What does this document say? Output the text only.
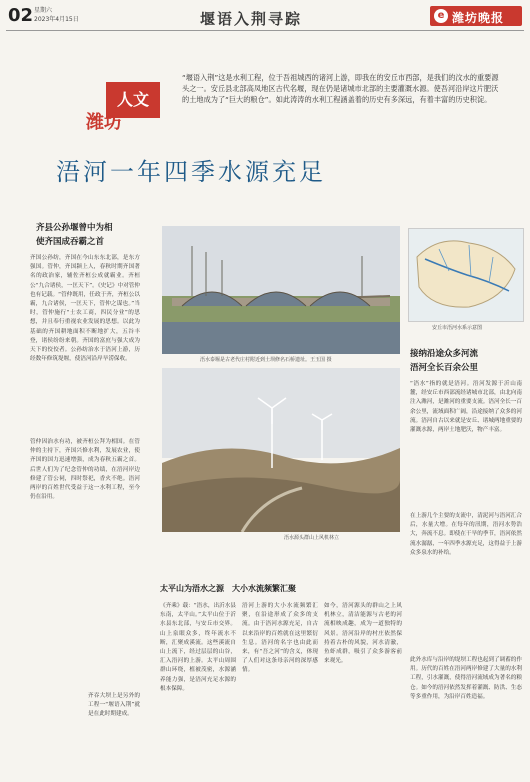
02 星期六
2023年4月15日	堰语入荆寻踪	e 潍坊晚报
人文
潍坊
“堰语入荆”这是水利工程，位于吾祖城西的诸河上游，即我在的安丘市西部，是我们的汶水的重要源头之一。安丘县北部高凤地区古代名堰，现在仍是诸城市北部的主要灌溉水源。使吾河沿岸这片肥沃的土地成为了“巨大的粮仓”。如此涛涛的水利工程涵盖着的历史有多深远，有着丰富的历史积淀。
浯河一年四季水源充足
齐县公孙堰曾中为相
使齐国成吞霸之首
齐国公孙纺，齐国在今山东东北部，是东方强国。管仲，齐国颍上人，春秋时期齐国著名的政治家，辅佐齐桓公成就霸业。齐桓公“九合诸侯，一匡天下”。《史记》中对管仲也有记载。“管仲既用，任政于齐，齐桓公以霸，九合诸侯，一匡天下，管仲之谋也。”当时，管仲施行“士农工商，四民分业”的思想，并且奉行重视农业发展的思想。以此为基础的齐国耕地面积不断地扩大，五谷丰登，诸侯纷纷来朝。齐国的富庶与强大成为天下的佼佼者。公孙纺治水于浯河上游，历经数年修筑堤堰，使浯河沿岸旱涝保收。
管仲因治水有功，被齐桓公拜为相国。在管仲的主持下，齐国兴修水利，发展农业，使齐国的国力迅速增强，成为春秋五霸之首。后世人们为了纪念管仲的功绩，在浯河岸边修建了管公祠，四时祭祀，香火不绝。浯河两岸的百姓世代受益于这一水利工程，至今仍在沿用。
齐吞大坝上是另外的工程一“堰语入荆”就是在此时期建成。
浯水泰堰是古老代庄村附近到土坝修名石桥遗址。王玉国 摄
浯水源头群山上风机林立
安丘市浯河水系示意图
接纳沿途众多河流
浯河全长百余公里
“浯水”指的就是浯河。浯河发源于沂山南麓，经安丘市西部流经诸城市北部，由北向南注入潍河，是潍河的重要支流。浯河全长一百余公里，流域面积广阔，沿途接纳了众多的河流。浯河自古以来就是安丘、诸城两地重要的灌溉水源，两岸土地肥沃，物产丰富。
在上游几个主要的支流中，清泥河与浯河汇合后，水量大增。在每年的汛期，浯河水势浩大，奔流不息。即使在干旱的季节，浯河依然流水潺潺，一年四季水源充足，这得益于上游众多泉水的补给。
此外水库与沿岸的堤坝工程也起到了调蓄的作用。历代的百姓在浯河两岸修建了大量的水利工程，引水灌溉，使得浯河流域成为著名的粮仓。如今的浯河依然发挥着灌溉、防洪、生态等多重作用，为沿岸百姓造福。
太平山为浯水之源　大小水流频繁汇聚
《齐乘》载：“浯水，出沂水县东南，太平山。”太平山位于沂水县东北部，与安丘市交界。山上泉眼众多，终年流水不断，汇聚成溪流。这些溪流自山上流下，经过层层的山谷，汇入浯河的上游。太平山周围群山环绕，植被茂密，水源涵养能力强，是浯河充足水源的根本保障。
浯河上游的大小水流频繁汇聚，在沿途形成了众多的支流。由于浯河水源充足，自古以来沿岸的百姓就在这里繁衍生息。浯河的名字也由此而来，有“吾之河”的含义，体现了人们对这条母亲河的深厚感情。
如今，浯河源头的群山之上风机林立，清洁能源与古老的河流相映成趣，成为一道独特的风景。浯河沿岸的村庄依然保持着古朴的风貌，河水清澈，鱼虾成群，吸引了众多游客前来观光。
